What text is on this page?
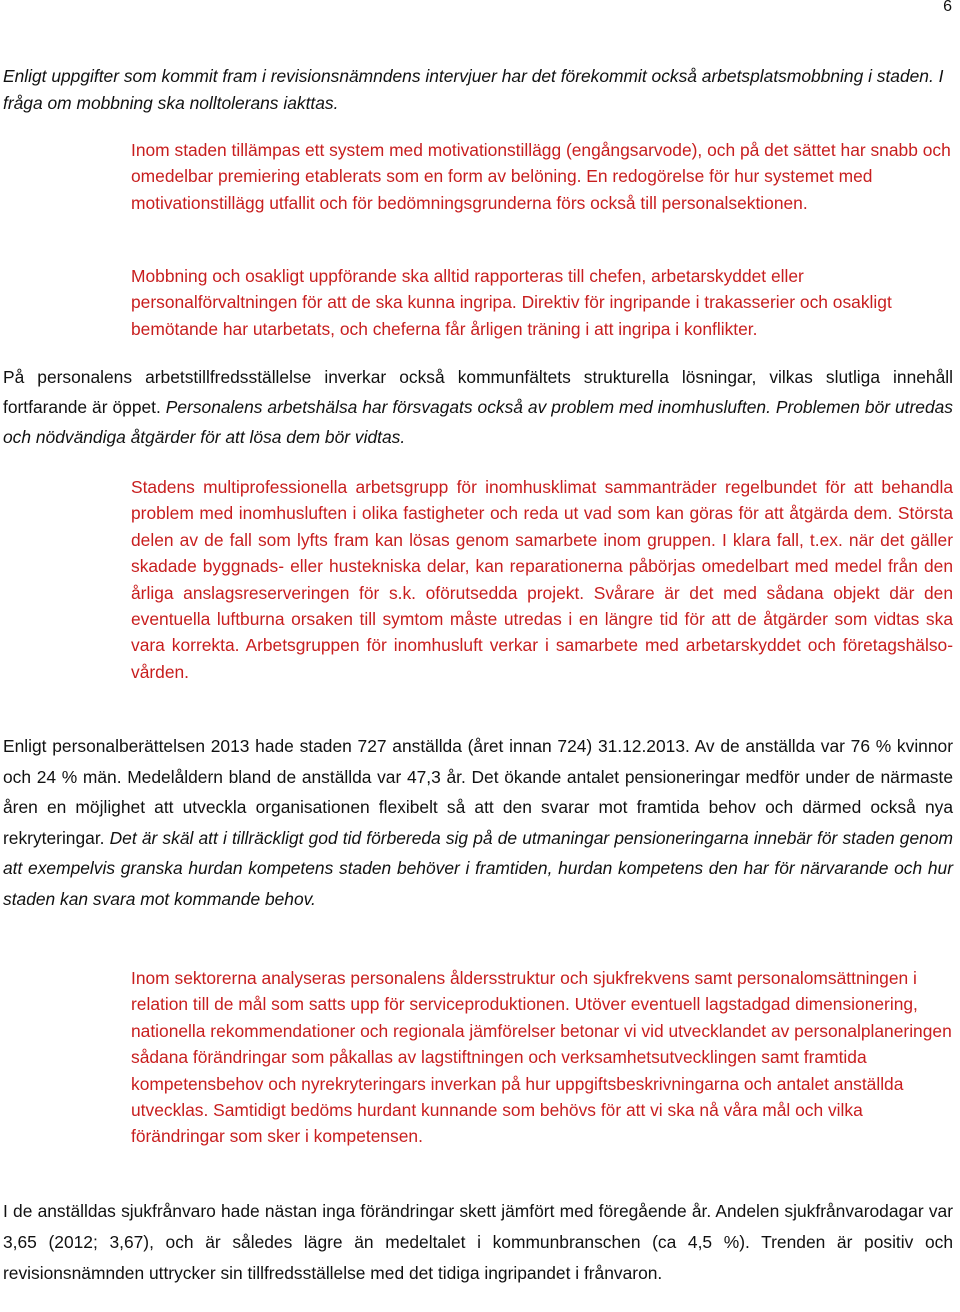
6

Enligt uppgifter som kommit fram i revisionsnämndens intervjuer har det förekommit också arbetsplatsmobbning i staden. I fråga om mobbning ska nolltolerans iakttas.

Inom staden tillämpas ett system med motivationstillägg (engångsarvode), och på det sättet har snabb och omedelbar premiering etablerats som en form av belöning. En redogörelse för hur systemet med motivationstillägg utfallit och för bedömningsgrunderna förs också till personalsektionen.

Mobbning och osakligt uppförande ska alltid rapporteras till chefen, arbetarskyddet eller personalförvaltningen för att de ska kunna ingripa. Direktiv för ingripande i trakasserier och osakligt bemötande har utarbetats, och cheferna får årligen träning i att ingripa i konflikter.

På personalens arbetstillfredsställelse inverkar också kommunfältets strukturella lösningar, vilkas slutliga innehåll fortfarande är öppet. Personalens arbetshälsa har försvagats också av problem med inomhusluften. Problemen bör utredas och nödvändiga åtgärder för att lösa dem bör vidtas.

Stadens multiprofessionella arbetsgrupp för inomhusklimat sammanträder regelbundet för att behandla problem med inomhusluften i olika fastigheter och reda ut vad som kan göras för att åtgärda dem. Största delen av de fall som lyfts fram kan lösas genom samarbete inom gruppen. I klara fall, t.ex. när det gäller skadade byggnads- eller hustekniska delar, kan reparationerna påbörjas omedelbart med medel från den årliga anslagsreserveringen för s.k. oförutsedda projekt. Svårare är det med sådana objekt där den eventuella luftburna orsaken till symtom måste utredas i en längre tid för att de åtgärder som vidtas ska vara korrekta. Arbetsgruppen för inomhusluft verkar i samarbete med arbetarskyddet och företagshälsovården.

Enligt personalberättelsen 2013 hade staden 727 anställda (året innan 724) 31.12.2013. Av de anställda var 76 % kvinnor och 24 % män. Medelåldern bland de anställda var 47,3 år. Det ökande antalet pensioneringar medför under de närmaste åren en möjlighet att utveckla organisationen flexibelt så att den svarar mot framtida behov och därmed också nya rekryteringar. Det är skäl att i tillräckligt god tid förbereda sig på de utmaningar pensioneringarna innebär för staden genom att exempelvis granska hurdan kompetens staden behöver i framtiden, hurdan kompetens den har för närvarande och hur staden kan svara mot kommande behov.

Inom sektorerna analyseras personalens åldersstruktur och sjukfrekvens samt personalomsättningen i relation till de mål som satts upp för serviceproduktionen. Utöver eventuell lagstadgad dimensionering, nationella rekommendationer och regionala jämförelser betonar vi vid utvecklandet av personalplaneringen sådana förändringar som påkallas av lagstiftningen och verksamhetsutvecklingen samt framtida kompetensbehov och nyrekryteringars inverkan på hur uppgiftsbeskrivningarna och antalet anställda utvecklas. Samtidigt bedöms hurdant kunnande som behövs för att vi ska nå våra mål och vilka förändringar som sker i kompetensen.

I de anställdas sjukfrånvaro hade nästan inga förändringar skett jämfört med föregående år. Andelen sjukfrånvarodagar var 3,65 (2012; 3,67), och är således lägre än medeltalet i kommunbranschen (ca 4,5 %). Trenden är positiv och revisionsnämnden uttrycker sin tillfredsställelse med det tidiga ingripandet i frånvaron.
